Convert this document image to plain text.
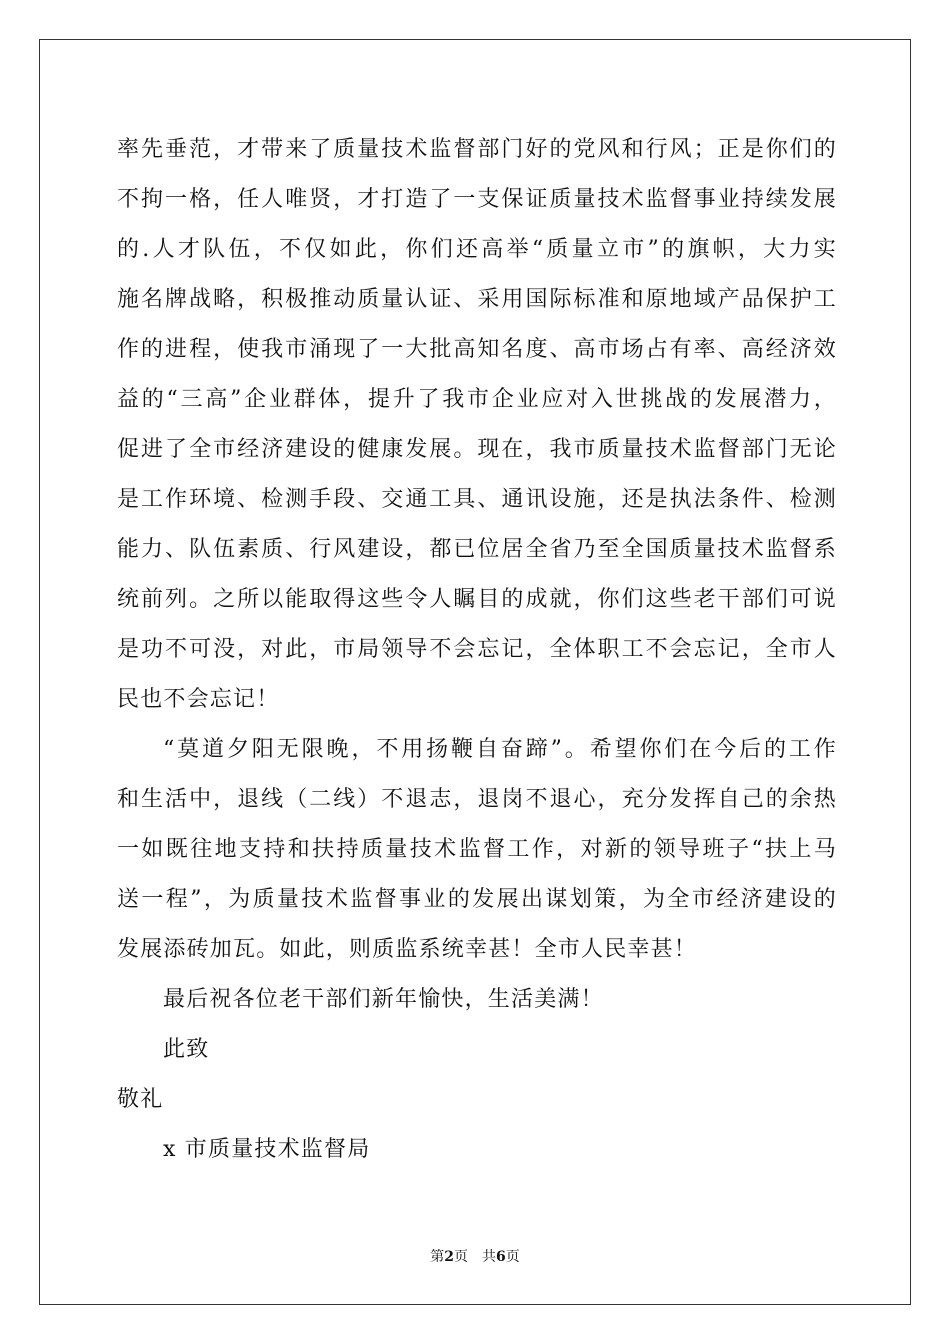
率先垂范，才带来了质量技术监督部门好的党风和行风；正是你们的
不拘一格，任人唯贤，才打造了一支保证质量技术监督事业持续发展
的.人才队伍，不仅如此，你们还高举“质量立市”的旗帜，大力实
施名牌战略，积极推动质量认证、采用国际标准和原地域产品保护工
作的进程，使我市涌现了一大批高知名度、高市场占有率、高经济效
益的“三高”企业群体，提升了我市企业应对入世挑战的发展潜力，
促进了全市经济建设的健康发展。现在，我市质量技术监督部门无论
是工作环境、检测手段、交通工具、通讯设施，还是执法条件、检测
能力、队伍素质、行风建设，都已位居全省乃至全国质量技术监督系
统前列。之所以能取得这些令人瞩目的成就，你们这些老干部们可说
是功不可没，对此，市局领导不会忘记，全体职工不会忘记，全市人
民也不会忘记！
“莫道夕阳无限晚，不用扬鞭自奋蹄”。希望你们在今后的工作
和生活中，退线（二线）不退志，退岗不退心，充分发挥自己的余热
一如既往地支持和扶持质量技术监督工作，对新的领导班子“扶上马
送一程”，为质量技术监督事业的发展出谋划策，为全市经济建设的
发展添砖加瓦。如此，则质监系统幸甚！全市人民幸甚！
最后祝各位老干部们新年愉快，生活美满！
此致
敬礼
x 市质量技术监督局
第2页 共6页
